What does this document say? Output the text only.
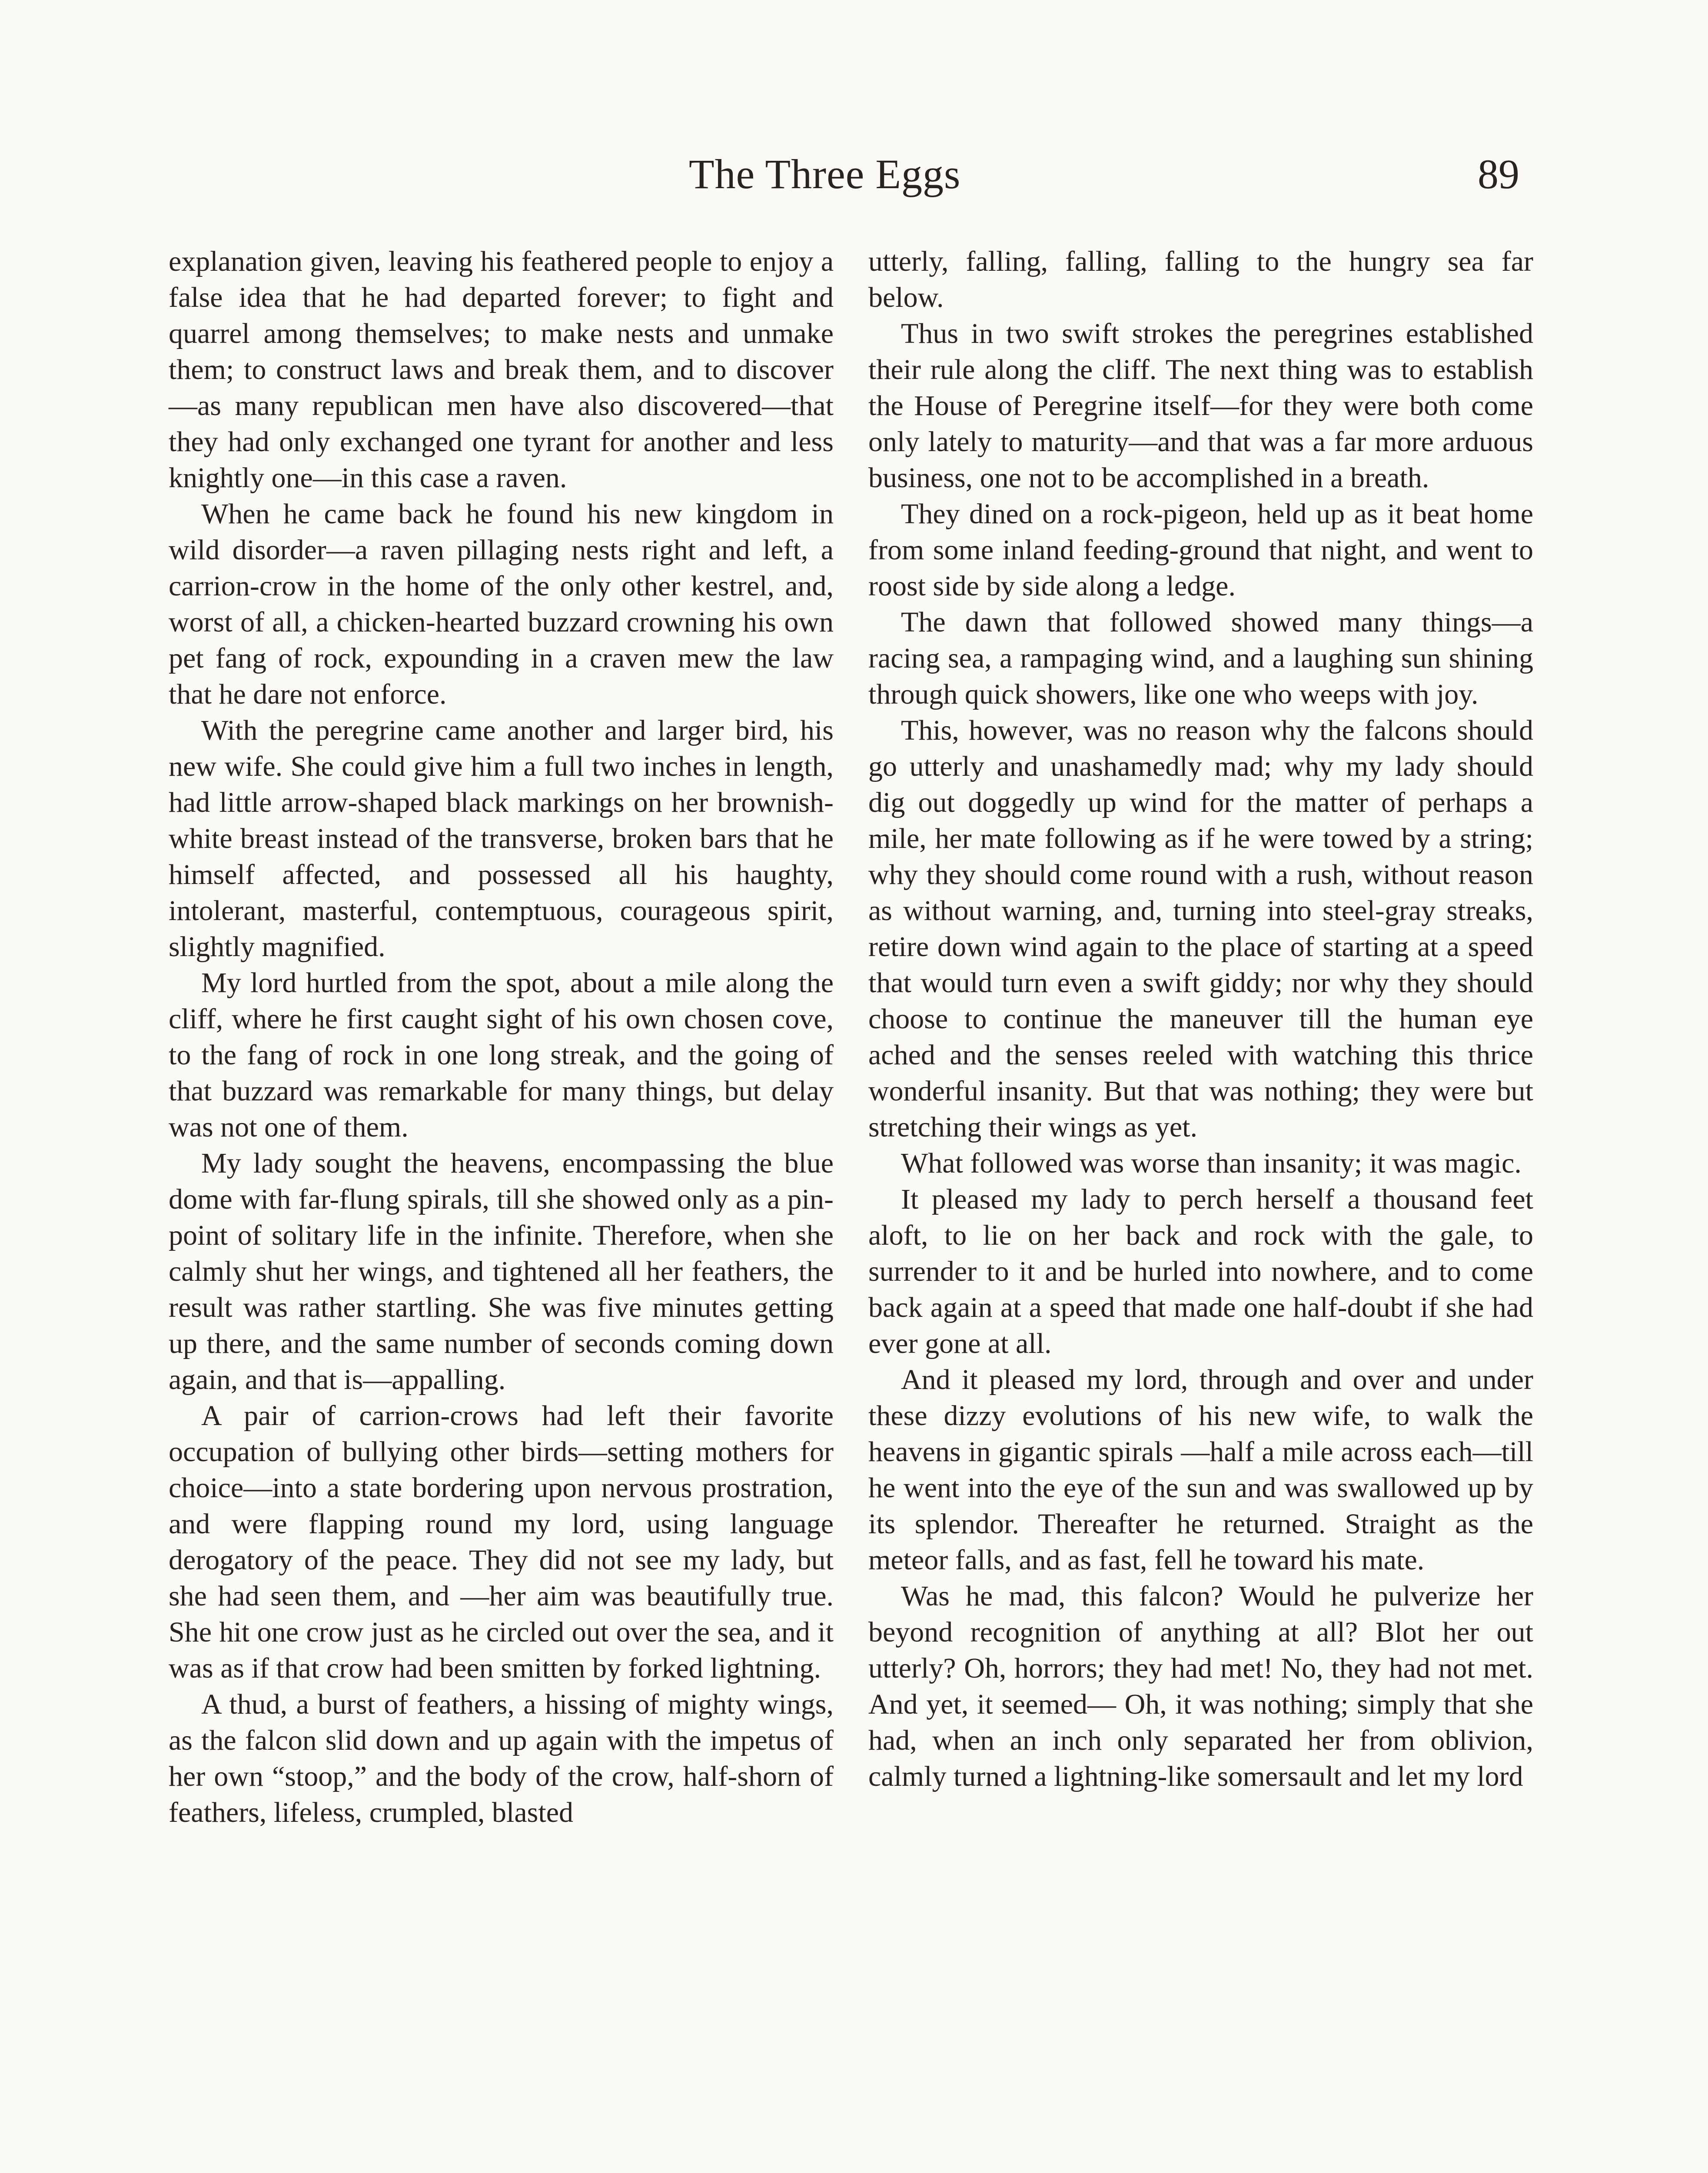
The Three Eggs	89

explanation given, leaving his feathered people to enjoy a false idea that he had departed forever; to fight and quarrel among themselves; to make nests and unmake them; to construct laws and break them, and to discover—as many republican men have also discovered—that they had only exchanged one tyrant for another and less knightly one—in this case a raven.

When he came back he found his new kingdom in wild disorder—a raven pillaging nests right and left, a carrion-crow in the home of the only other kestrel, and, worst of all, a chicken-hearted buzzard crowning his own pet fang of rock, expounding in a craven mew the law that he dare not enforce.

With the peregrine came another and larger bird, his new wife. She could give him a full two inches in length, had little arrow-shaped black markings on her brownish-white breast instead of the transverse, broken bars that he himself affected, and possessed all his haughty, intolerant, masterful, contemptuous, courageous spirit, slightly magnified.

My lord hurtled from the spot, about a mile along the cliff, where he first caught sight of his own chosen cove, to the fang of rock in one long streak, and the going of that buzzard was remarkable for many things, but delay was not one of them.

My lady sought the heavens, encompassing the blue dome with far-flung spirals, till she showed only as a pin-point of solitary life in the infinite. Therefore, when she calmly shut her wings, and tightened all her feathers, the result was rather startling. She was five minutes getting up there, and the same number of seconds coming down again, and that is—appalling.

A pair of carrion-crows had left their favorite occupation of bullying other birds—setting mothers for choice—into a state bordering upon nervous prostration, and were flapping round my lord, using language derogatory of the peace. They did not see my lady, but she had seen them, and —her aim was beautifully true. She hit one crow just as he circled out over the sea, and it was as if that crow had been smitten by forked lightning.

A thud, a burst of feathers, a hissing of mighty wings, as the falcon slid down and up again with the impetus of her own “stoop,” and the body of the crow, half-shorn of feathers, lifeless, crumpled, blasted

utterly, falling, falling, falling to the hungry sea far below.

Thus in two swift strokes the peregrines established their rule along the cliff. The next thing was to establish the House of Peregrine itself—for they were both come only lately to maturity—and that was a far more arduous business, one not to be accomplished in a breath.

They dined on a rock-pigeon, held up as it beat home from some inland feeding-ground that night, and went to roost side by side along a ledge.

The dawn that followed showed many things—a racing sea, a rampaging wind, and a laughing sun shining through quick showers, like one who weeps with joy.

This, however, was no reason why the falcons should go utterly and unashamedly mad; why my lady should dig out doggedly up wind for the matter of perhaps a mile, her mate following as if he were towed by a string; why they should come round with a rush, without reason as without warning, and, turning into steel-gray streaks, retire down wind again to the place of starting at a speed that would turn even a swift giddy; nor why they should choose to continue the maneuver till the human eye ached and the senses reeled with watching this thrice wonderful insanity. But that was nothing; they were but stretching their wings as yet.

What followed was worse than insanity; it was magic.

It pleased my lady to perch herself a thousand feet aloft, to lie on her back and rock with the gale, to surrender to it and be hurled into nowhere, and to come back again at a speed that made one half-doubt if she had ever gone at all.

And it pleased my lord, through and over and under these dizzy evolutions of his new wife, to walk the heavens in gigantic spirals —half a mile across each—till he went into the eye of the sun and was swallowed up by its splendor. Thereafter he returned. Straight as the meteor falls, and as fast, fell he toward his mate.

Was he mad, this falcon? Would he pulverize her beyond recognition of anything at all? Blot her out utterly? Oh, horrors; they had met! No, they had not met. And yet, it seemed— Oh, it was nothing; simply that she had, when an inch only separated her from oblivion, calmly turned a lightning-like somersault and let my lord
